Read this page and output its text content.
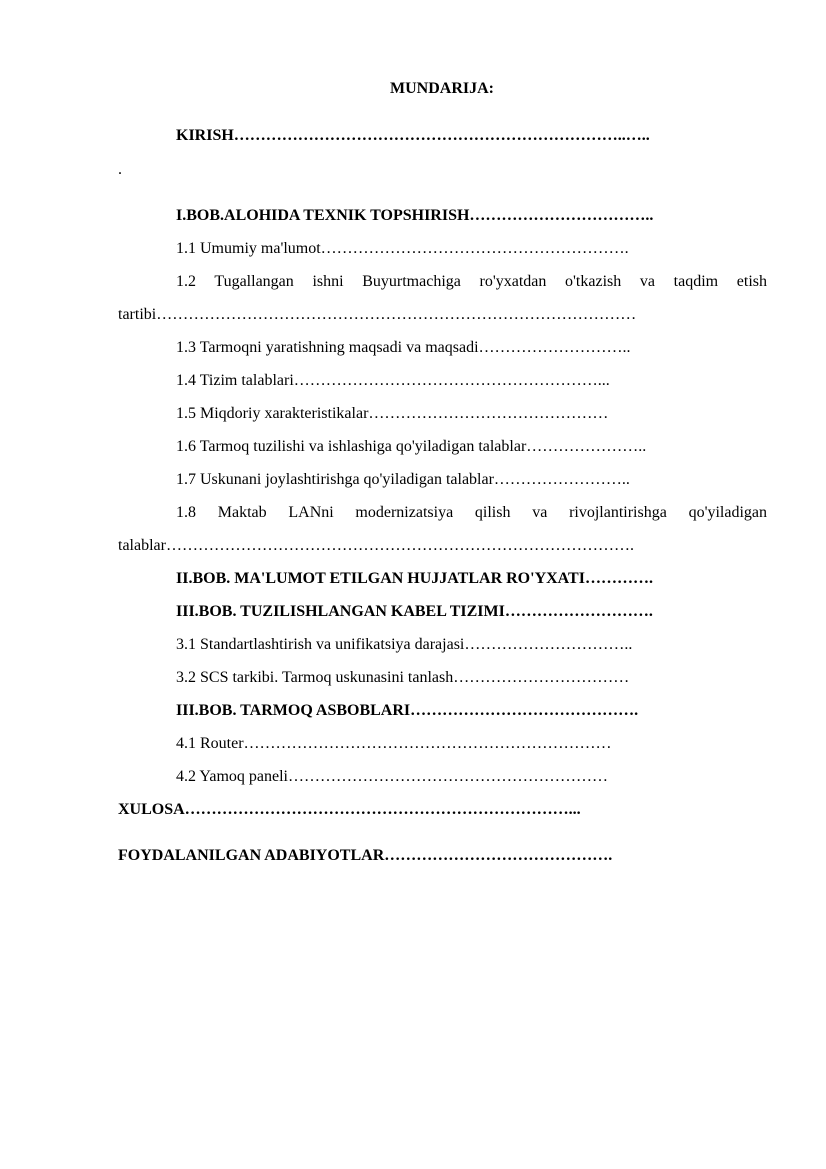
MUNDARIJA:
KIRISH………………………………………………………………..…..
.
I.BOB.ALOHIDA TEXNIK TOPSHIRISH……………………………..
1.1 Umumiy ma'lumot………………………………………………….
1.2 Tugallangan ishni Buyurtmachiga ro'yxatdan o'tkazish va taqdim etish
tartibi………………………………………………………………………………
1.3 Tarmoqni yaratishning maqsadi va maqsadi………………………..
1.4 Tizim talablari…………………………………………………...
1.5 Miqdoriy xarakteristikalar………………………………………
1.6 Tarmoq tuzilishi va ishlashiga qo'yiladigan talablar…………………..
1.7 Uskunani joylashtirishga qo'yiladigan talablar……………………..
1.8 Maktab LANni modernizatsiya qilish va rivojlantirishga qo'yiladigan
talablar…………………………………………………………………………….
II.BOB. MA'LUMOT ETILGAN HUJJATLAR RO'YXATI………….
III.BOB. TUZILISHLANGAN KABEL TIZIMI……………………….
3.1 Standartlashtirish va unifikatsiya darajasi…………………………..
3.2 SCS tarkibi. Tarmoq uskunasini tanlash……………………………
III.BOB. TARMOQ ASBOBLARI…………………………………….
4.1 Router……………………………………………………………
4.2 Yamoq paneli……………………………………………………
XULOSA………………………………………………………………...
FOYDALANILGAN ADABIYOTLAR…………………………………….
